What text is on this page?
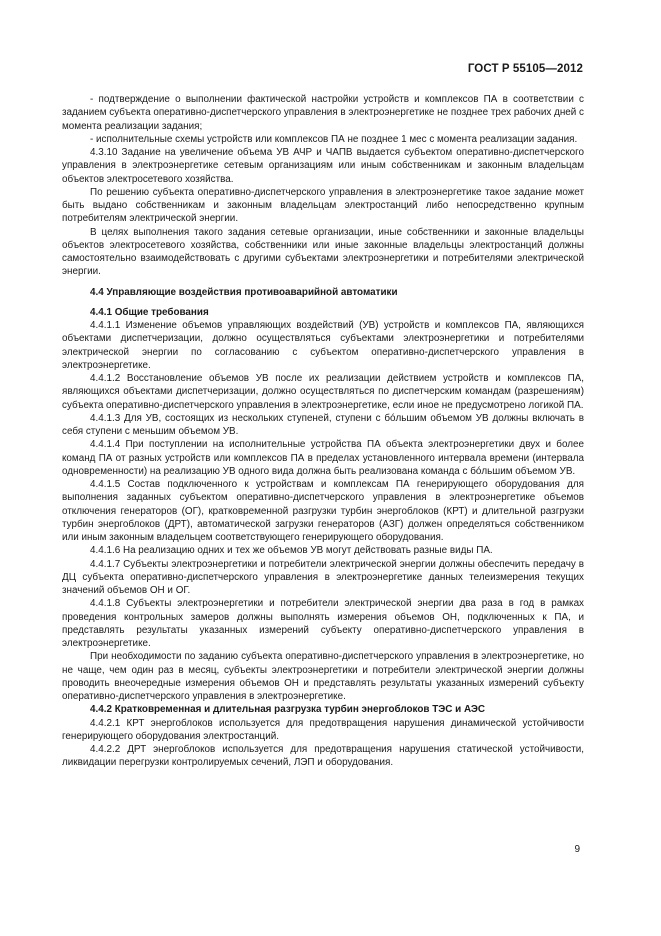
ГОСТ Р 55105—2012

- подтверждение о выполнении фактической настройки устройств и комплексов ПА в соответствии с заданием субъекта оперативно-диспетчерского управления в электроэнергетике не позднее трех рабочих дней с момента реализации задания;

- исполнительные схемы устройств или комплексов ПА не позднее 1 мес с момента реализации задания.

4.3.10 Задание на увеличение объема УВ АЧР и ЧАПВ выдается субъектом оперативно-диспетчерского управления в электроэнергетике сетевым организациям или иным собственникам и законным владельцам объектов электросетевого хозяйства.

По решению субъекта оперативно-диспетчерского управления в электроэнергетике такое задание может быть выдано собственникам и законным владельцам электростанций либо непосредственно крупным потребителям электрической энергии.

В целях выполнения такого задания сетевые организации, иные собственники и законные владельцы объектов электросетевого хозяйства, собственники или иные законные владельцы электростанций должны самостоятельно взаимодействовать с другими субъектами электроэнергетики и потребителями электрической энергии.

4.4 Управляющие воздействия противоаварийной автоматики

4.4.1 Общие требования

4.4.1.1 Изменение объемов управляющих воздействий (УВ) устройств и комплексов ПА, являющихся объектами диспетчеризации, должно осуществляться субъектами электроэнергетики и потребителями электрической энергии по согласованию с субъектом оперативно-диспетчерского управления в электроэнергетике.

4.4.1.2 Восстановление объемов УВ после их реализации действием устройств и комплексов ПА, являющихся объектами диспетчеризации, должно осуществляться по диспетчерским командам (разрешениям) субъекта оперативно-диспетчерского управления в электроэнергетике, если иное не предусмотрено логикой ПА.

4.4.1.3 Для УВ, состоящих из нескольких ступеней, ступени с бóльшим объемом УВ должны включать в себя ступени с меньшим объемом УВ.

4.4.1.4 При поступлении на исполнительные устройства ПА объекта электроэнергетики двух и более команд ПА от разных устройств или комплексов ПА в пределах установленного интервала времени (интервала одновременности) на реализацию УВ одного вида должна быть реализована команда с бóльшим объемом УВ.

4.4.1.5 Состав подключенного к устройствам и комплексам ПА генерирующего оборудования для выполнения заданных субъектом оперативно-диспетчерского управления в электроэнергетике объемов отключения генераторов (ОГ), кратковременной разгрузки турбин энергоблоков (КРТ) и длительной разгрузки турбин энергоблоков (ДРТ), автоматической загрузки генераторов (АЗГ) должен определяться собственником или иным законным владельцем соответствующего генерирующего оборудования.

4.4.1.6 На реализацию одних и тех же объемов УВ могут действовать разные виды ПА.

4.4.1.7 Субъекты электроэнергетики и потребители электрической энергии должны обеспечить передачу в ДЦ субъекта оперативно-диспетчерского управления в электроэнергетике данных телеизмерения текущих значений объемов ОН и ОГ.

4.4.1.8 Субъекты электроэнергетики и потребители электрической энергии два раза в год в рамках проведения контрольных замеров должны выполнять измерения объемов ОН, подключенных к ПА, и представлять результаты указанных измерений субъекту оперативно-диспетчерского управления в электроэнергетике.

При необходимости по заданию субъекта оперативно-диспетчерского управления в электроэнергетике, но не чаще, чем один раз в месяц, субъекты электроэнергетики и потребители электрической энергии должны проводить внеочередные измерения объемов ОН и представлять результаты указанных измерений субъекту оперативно-диспетчерского управления в электроэнергетике.

4.4.2 Кратковременная и длительная разгрузка турбин энергоблоков ТЭС и АЭС

4.4.2.1 КРТ энергоблоков используется для предотвращения нарушения динамической устойчивости генерирующего оборудования электростанций.

4.4.2.2 ДРТ энергоблоков используется для предотвращения нарушения статической устойчивости, ликвидации перегрузки контролируемых сечений, ЛЭП и оборудования.

9
